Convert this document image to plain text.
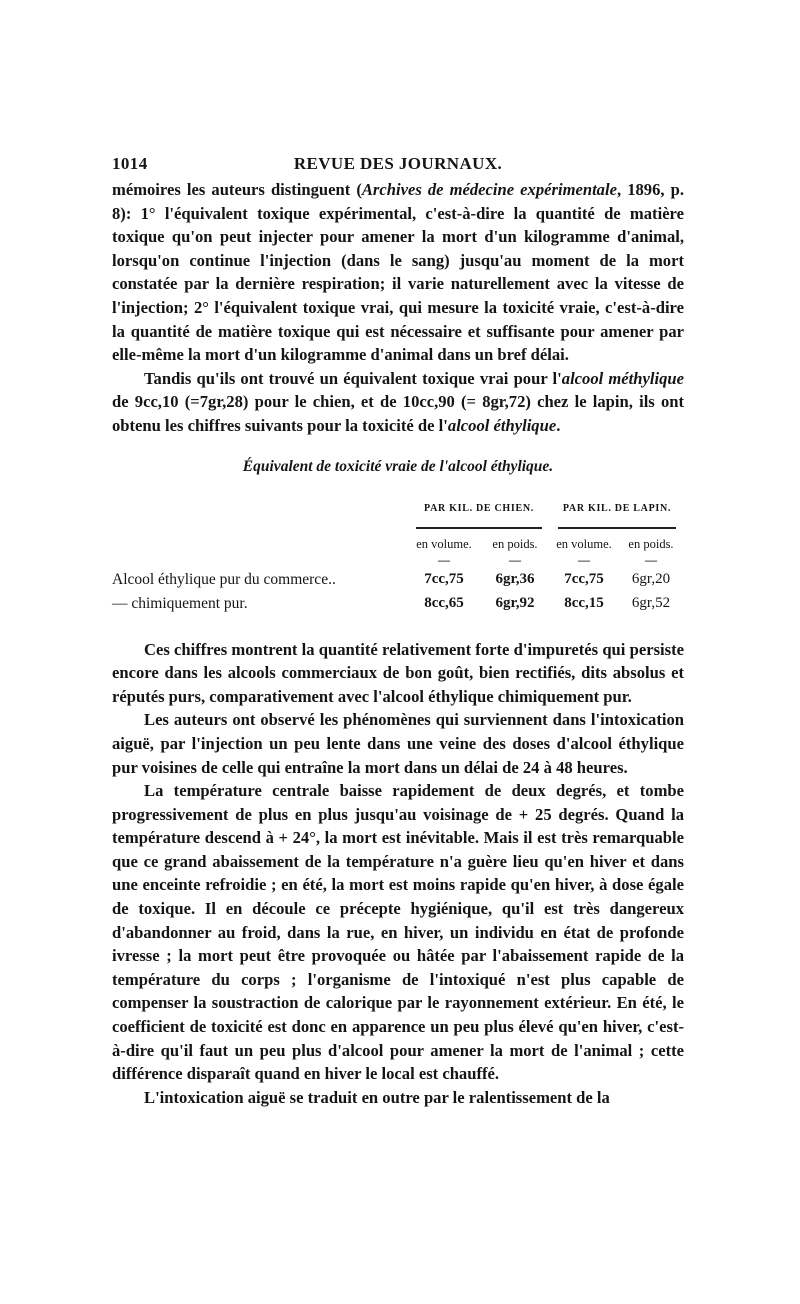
1014	REVUE DES JOURNAUX.

mémoires les auteurs distinguent (Archives de médecine expérimentale, 1896, p. 8): 1° l'équivalent toxique expérimental, c'est-à-dire la quantité de matière toxique qu'on peut injecter pour amener la mort d'un kilogramme d'animal, lorsqu'on continue l'injection (dans le sang) jusqu'au moment de la mort constatée par la dernière respiration; il varie naturellement avec la vitesse de l'injection; 2° l'équivalent toxique vrai, qui mesure la toxicité vraie, c'est-à-dire la quantité de matière toxique qui est nécessaire et suffisante pour amener par elle-même la mort d'un kilogramme d'animal dans un bref délai.

Tandis qu'ils ont trouvé un équivalent toxique vrai pour l'alcool méthylique de 9cc,10 (=7gr,28) pour le chien, et de 10cc,90 (= 8gr,72) chez le lapin, ils ont obtenu les chiffres suivants pour la toxicité de l'alcool éthylique.

Équivalent de toxicité vraie de l'alcool éthylique.
	PAR KIL. DE CHIEN.		PAR KIL. DE LAPIN.	

	en volume.	en poids.	en volume.	en poids.
	—	—	—	—
Alcool éthylique pur du commerce..	7cc,75	6gr,36	7cc,75	6gr,20
— chimiquement pur.	8cc,65	6gr,92	8cc,15	6gr,52

Ces chiffres montrent la quantité relativement forte d'impuretés qui persiste encore dans les alcools commerciaux de bon goût, bien rectifiés, dits absolus et réputés purs, comparativement avec l'alcool éthylique chimiquement pur.

Les auteurs ont observé les phénomènes qui surviennent dans l'intoxication aiguë, par l'injection un peu lente dans une veine des doses d'alcool éthylique pur voisines de celle qui entraîne la mort dans un délai de 24 à 48 heures.

La température centrale baisse rapidement de deux degrés, et tombe progressivement de plus en plus jusqu'au voisinage de + 25 degrés. Quand la température descend à + 24°, la mort est inévitable. Mais il est très remarquable que ce grand abaissement de la température n'a guère lieu qu'en hiver et dans une enceinte refroidie ; en été, la mort est moins rapide qu'en hiver, à dose égale de toxique. Il en découle ce précepte hygiénique, qu'il est très dangereux d'abandonner au froid, dans la rue, en hiver, un individu en état de profonde ivresse ; la mort peut être provoquée ou hâtée par l'abaissement rapide de la température du corps ; l'organisme de l'intoxiqué n'est plus capable de compenser la soustraction de calorique par le rayonnement extérieur. En été, le coefficient de toxicité est donc en apparence un peu plus élevé qu'en hiver, c'est-à-dire qu'il faut un peu plus d'alcool pour amener la mort de l'animal ; cette différence disparaît quand en hiver le local est chauffé.

L'intoxication aiguë se traduit en outre par le ralentissement de la
